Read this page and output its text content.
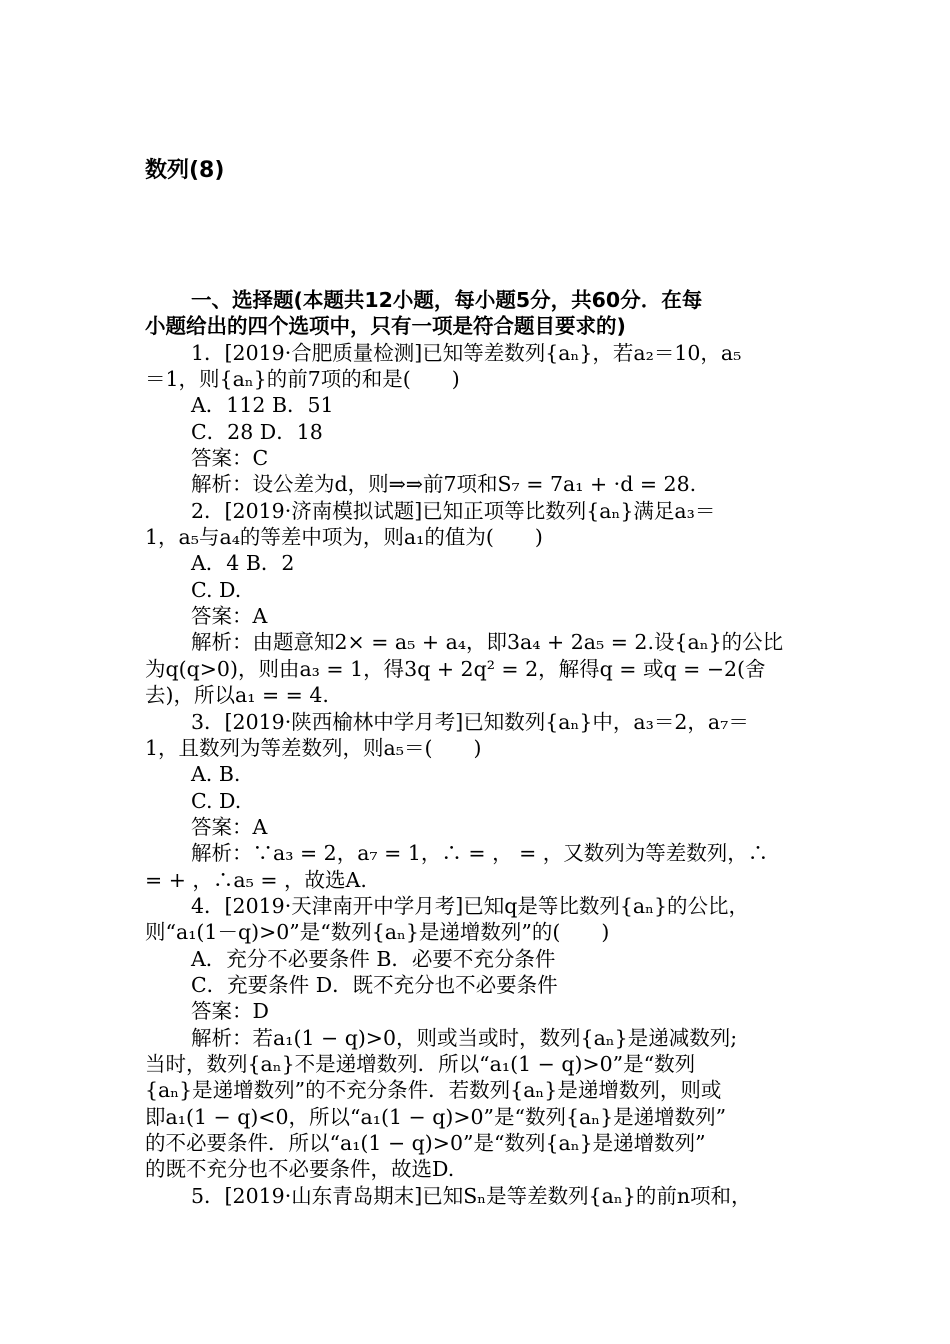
数列(8)
一、选择题(本题共12小题，每小题5分，共60分．在每
小题给出的四个选项中，只有一项是符合题目要求的)
1．[2019·合肥质量检测]已知等差数列{aₙ}，若a₂＝10，a₅
＝1，则{aₙ}的前7项的和是(　　)
A．112 B．51
C．28 D．18
答案：C
解析：设公差为d，则⇒⇒前7项和S₇ = 7a₁ + ·d = 28.
2．[2019·济南模拟试题]已知正项等比数列{aₙ}满足a₃＝
1，a₅与a₄的等差中项为，则a₁的值为(　　)
A．4 B．2
C. D.
答案：A
解析：由题意知2× = a₅ + a₄，即3a₄ + 2a₅ = 2.设{aₙ}的公比
为q(q>0)，则由a₃ = 1，得3q + 2q² = 2，解得q = 或q = −2(舍
去)，所以a₁ = = 4.
3．[2019·陕西榆林中学月考]已知数列{aₙ}中，a₃＝2，a₇＝
1，且数列为等差数列，则a₅＝(　　)
A. B.
C. D.
答案：A
解析：∵a₃ = 2，a₇ = 1，∴ = ， = ，又数列为等差数列，∴
= + ，∴a₅ = ，故选A.
4．[2019·天津南开中学月考]已知q是等比数列{aₙ}的公比，
则“a₁(1－q)>0”是“数列{aₙ}是递增数列”的(　　)
A．充分不必要条件 B．必要不充分条件
C．充要条件 D．既不充分也不必要条件
答案：D
解析：若a₁(1 − q)>0，则或当或时，数列{aₙ}是递减数列;
当时，数列{aₙ}不是递增数列．所以“a₁(1 − q)>0”是“数列
{aₙ}是递增数列”的不充分条件．若数列{aₙ}是递增数列，则或
即a₁(1 − q)<0，所以“a₁(1 − q)>0”是“数列{aₙ}是递增数列”
的不必要条件．所以“a₁(1 − q)>0”是“数列{aₙ}是递增数列”
的既不充分也不必要条件，故选D.
5．[2019·山东青岛期末]已知Sₙ是等差数列{aₙ}的前n项和，
